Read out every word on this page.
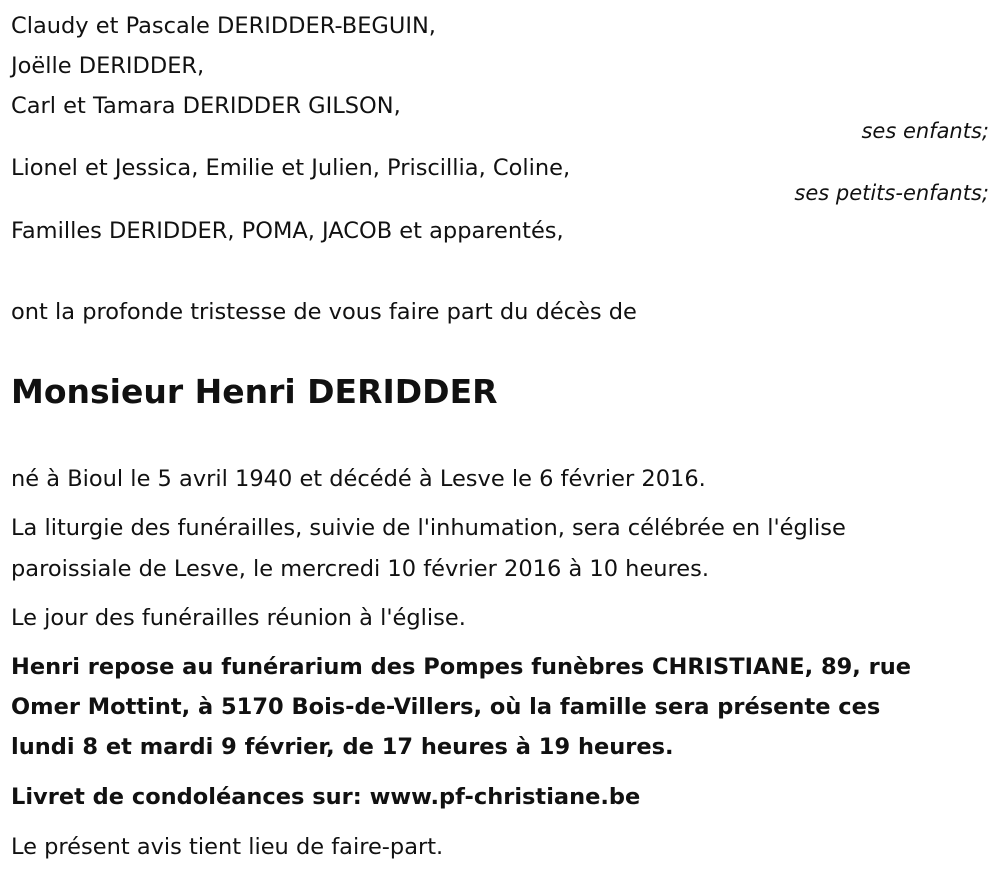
Claudy et Pascale DERIDDER-BEGUIN,
Joëlle DERIDDER,
Carl et Tamara DERIDDER GILSON,
ses enfants;
Lionel et Jessica, Emilie et Julien, Priscillia, Coline,
ses petits-enfants;
Familles DERIDDER, POMA, JACOB et apparentés,
ont la profonde tristesse de vous faire part du décès de
Monsieur Henri DERIDDER
né à Bioul le 5 avril 1940 et décédé à Lesve le 6 février 2016.
La liturgie des funérailles, suivie de l'inhumation, sera célébrée en l'église
paroissiale de Lesve, le mercredi 10 février 2016 à 10 heures.
Le jour des funérailles réunion à l'église.
Henri repose au funérarium des Pompes funèbres CHRISTIANE, 89, rue
Omer Mottint, à 5170 Bois-de-Villers, où la famille sera présente ces
lundi 8 et mardi 9 février, de 17 heures à 19 heures.
Livret de condoléances sur: www.pf-christiane.be
Le présent avis tient lieu de faire-part.
